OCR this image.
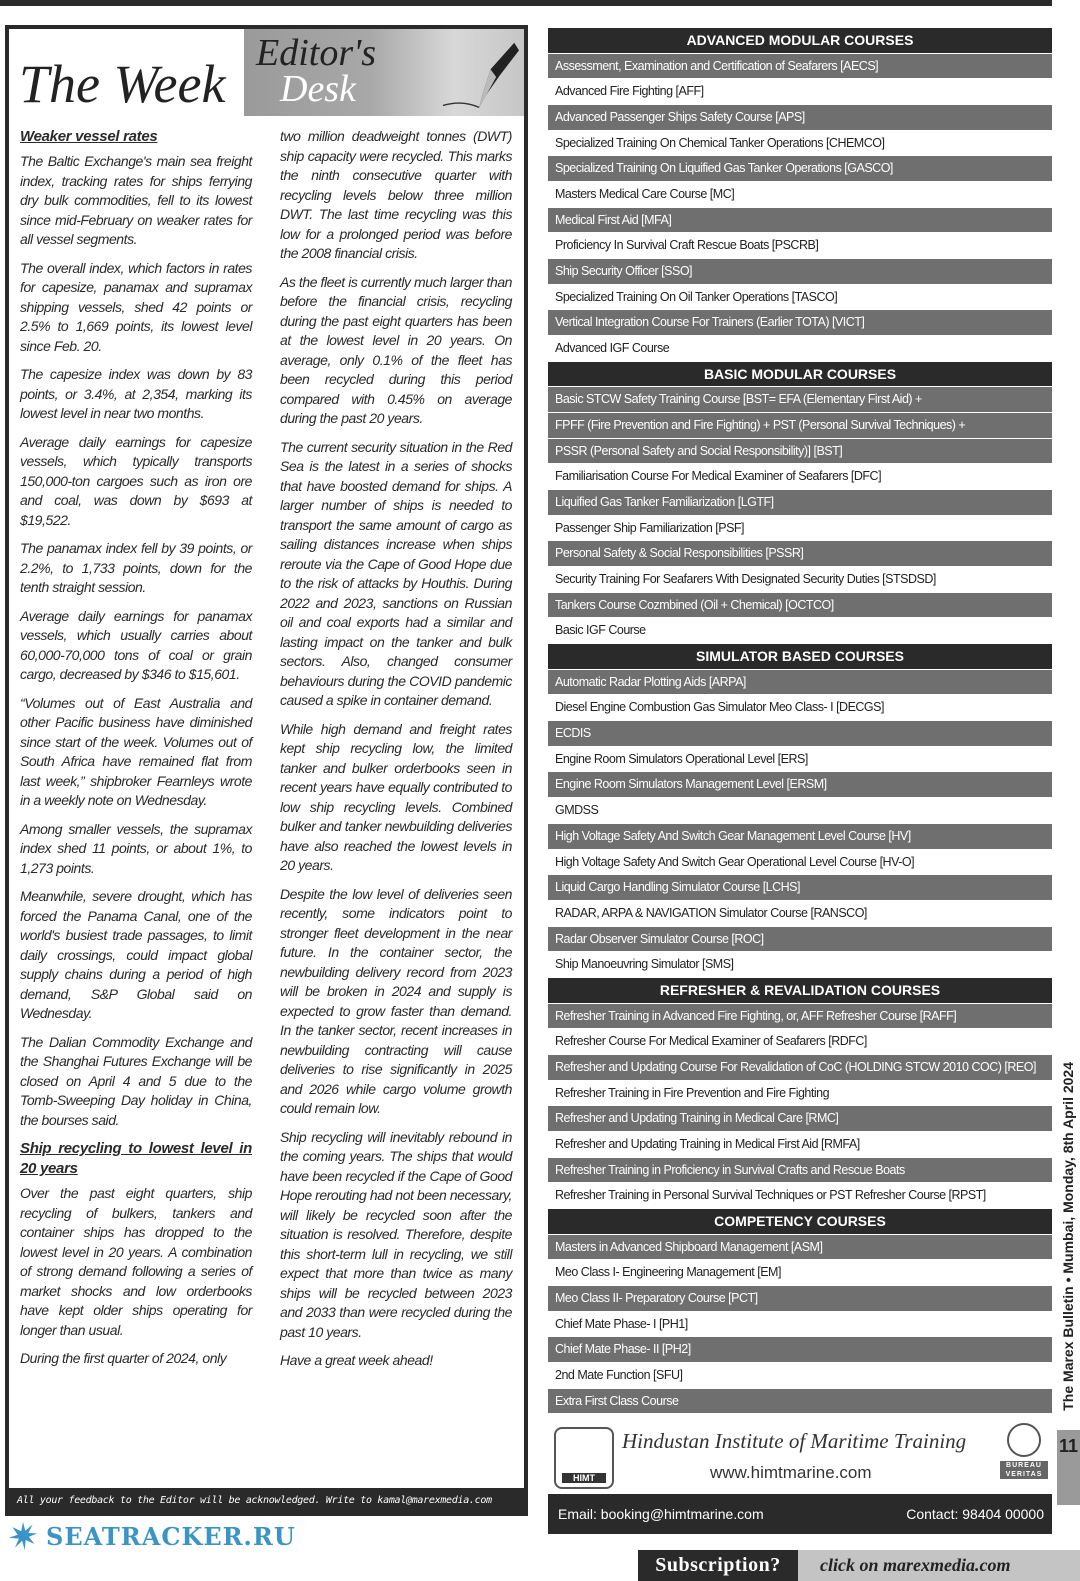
The Week
Editor's
Desk
Weaker vessel rates

The Baltic Exchange's main sea freight index, tracking rates for ships ferrying dry bulk commodities, fell to its lowest since mid-February on weaker rates for all vessel segments.

The overall index, which factors in rates for capesize, panamax and supramax shipping vessels, shed 42 points or 2.5% to 1,669 points, its lowest level since Feb. 20.

The capesize index was down by 83 points, or 3.4%, at 2,354, marking its lowest level in near two months.

Average daily earnings for capesize vessels, which typically transports 150,000-ton cargoes such as iron ore and coal, was down by $693 at $19,522.

The panamax index fell by 39 points, or 2.2%, to 1,733 points, down for the tenth straight session.

Average daily earnings for panamax vessels, which usually carries about 60,000-70,000 tons of coal or grain cargo, decreased by $346 to $15,601.

“Volumes out of East Australia and other Pacific business have diminished since start of the week. Volumes out of South Africa have remained flat from last week,” shipbroker Fearnleys wrote in a weekly note on Wednesday.

Among smaller vessels, the supramax index shed 11 points, or about 1%, to 1,273 points.

Meanwhile, severe drought, which has forced the Panama Canal, one of the world's busiest trade passages, to limit daily crossings, could impact global supply chains during a period of high demand, S&P Global said on Wednesday.

The Dalian Commodity Exchange and the Shanghai Futures Exchange will be closed on April 4 and 5 due to the Tomb-Sweeping Day holiday in China, the bourses said.

Ship recycling to lowest level in 20 years

Over the past eight quarters, ship recycling of bulkers, tankers and container ships has dropped to the lowest level in 20 years. A combination of strong demand following a series of market shocks and low orderbooks have kept older ships operating for longer than usual.

During the first quarter of 2024, only

two million deadweight tonnes (DWT) ship capacity were recycled. This marks the ninth consecutive quarter with recycling levels below three million DWT. The last time recycling was this low for a prolonged period was before the 2008 financial crisis.

As the fleet is currently much larger than before the financial crisis, recycling during the past eight quarters has been at the lowest level in 20 years. On average, only 0.1% of the fleet has been recycled during this period compared with 0.45% on average during the past 20 years.

The current security situation in the Red Sea is the latest in a series of shocks that have boosted demand for ships. A larger number of ships is needed to transport the same amount of cargo as sailing distances increase when ships reroute via the Cape of Good Hope due to the risk of attacks by Houthis. During 2022 and 2023, sanctions on Russian oil and coal exports had a similar and lasting impact on the tanker and bulk sectors. Also, changed consumer behaviours during the COVID pandemic caused a spike in container demand.

While high demand and freight rates kept ship recycling low, the limited tanker and bulker orderbooks seen in recent years have equally contributed to low ship recycling levels. Combined bulker and tanker newbuilding deliveries have also reached the lowest levels in 20 years.

Despite the low level of deliveries seen recently, some indicators point to stronger fleet development in the near future. In the container sector, the newbuilding delivery record from 2023 will be broken in 2024 and supply is expected to grow faster than demand. In the tanker sector, recent increases in newbuilding contracting will cause deliveries to rise significantly in 2025 and 2026 while cargo volume growth could remain low.

Ship recycling will inevitably rebound in the coming years. The ships that would have been recycled if the Cape of Good Hope rerouting had not been necessary, will likely be recycled soon after the situation is resolved. Therefore, despite this short-term lull in recycling, we still expect that more than twice as many ships will be recycled between 2023 and 2033 than were recycled during the past 10 years.

Have a great week ahead!

All your feedback to the Editor will be acknowledged. Write to kamal@marexmedia.com
ADVANCED MODULAR COURSES
Assessment, Examination and Certification of Seafarers [AECS]
Advanced Fire Fighting [AFF]
Advanced Passenger Ships Safety Course [APS]
Specialized Training On Chemical Tanker Operations [CHEMCO]
Specialized Training On Liquified Gas Tanker Operations [GASCO]
Masters Medical Care Course [MC]
Medical First Aid [MFA]
Proficiency In Survival Craft Rescue Boats [PSCRB]
Ship Security Officer [SSO]
Specialized Training On Oil Tanker Operations [TASCO]
Vertical Integration Course For Trainers (Earlier TOTA) [VICT]
Advanced IGF Course
BASIC MODULAR COURSES
Basic STCW Safety Training Course [BST= EFA (Elementary First Aid) +
FPFF (Fire Prevention and Fire Fighting) + PST (Personal Survival Techniques) +
PSSR (Personal Safety and Social Responsibility)] [BST]
Familiarisation Course For Medical Examiner of Seafarers [DFC]
Liquified Gas Tanker Familiarization [LGTF]
Passenger Ship Familiarization [PSF]
Personal Safety & Social Responsibilities [PSSR]
Security Training For Seafarers With Designated Security Duties [STSDSD]
Tankers Course Cozmbined (Oil + Chemical) [OCTCO]
Basic IGF Course
SIMULATOR BASED COURSES
Automatic Radar Plotting Aids [ARPA]
Diesel Engine Combustion Gas Simulator Meo Class- I [DECGS]
ECDIS
Engine Room Simulators Operational Level [ERS]
Engine Room Simulators Management Level [ERSM]
GMDSS
High Voltage Safety And Switch Gear Management Level Course [HV]
High Voltage Safety And Switch Gear Operational Level Course [HV-O]
Liquid Cargo Handling Simulator Course [LCHS]
RADAR, ARPA & NAVIGATION Simulator Course [RANSCO]
Radar Observer Simulator Course [ROC]
Ship Manoeuvring Simulator [SMS]
REFRESHER & REVALIDATION COURSES
Refresher Training in Advanced Fire Fighting, or, AFF Refresher Course [RAFF]
Refresher Course For Medical Examiner of Seafarers [RDFC]
Refresher and Updating Course For Revalidation of CoC (HOLDING STCW 2010 COC) [REO]
Refresher Training in Fire Prevention and Fire Fighting
Refresher and Updating Training in Medical Care [RMC]
Refresher and Updating Training in Medical First Aid [RMFA]
Refresher Training in Proficiency in Survival Crafts and Rescue Boats
Refresher Training in Personal Survival Techniques or PST Refresher Course [RPST]
COMPETENCY COURSES
Masters in Advanced Shipboard Management [ASM]
Meo Class I- Engineering Management [EM]
Meo Class II- Preparatory Course [PCT]
Chief Mate Phase- I [PH1]
Chief Mate Phase- II [PH2]
2nd Mate Function [SFU]
Extra First Class Course
HIMT
Hindustan Institute of Maritime Training
www.himtmarine.com	BUREAU VERITAS
Email: booking@himtmarine.com	Contact: 98404 00000
Subscription?	click on marexmedia.com
11
The Marex Bulletin • Mumbai, Monday, 8th April 2024
SEATRACKER.RU
